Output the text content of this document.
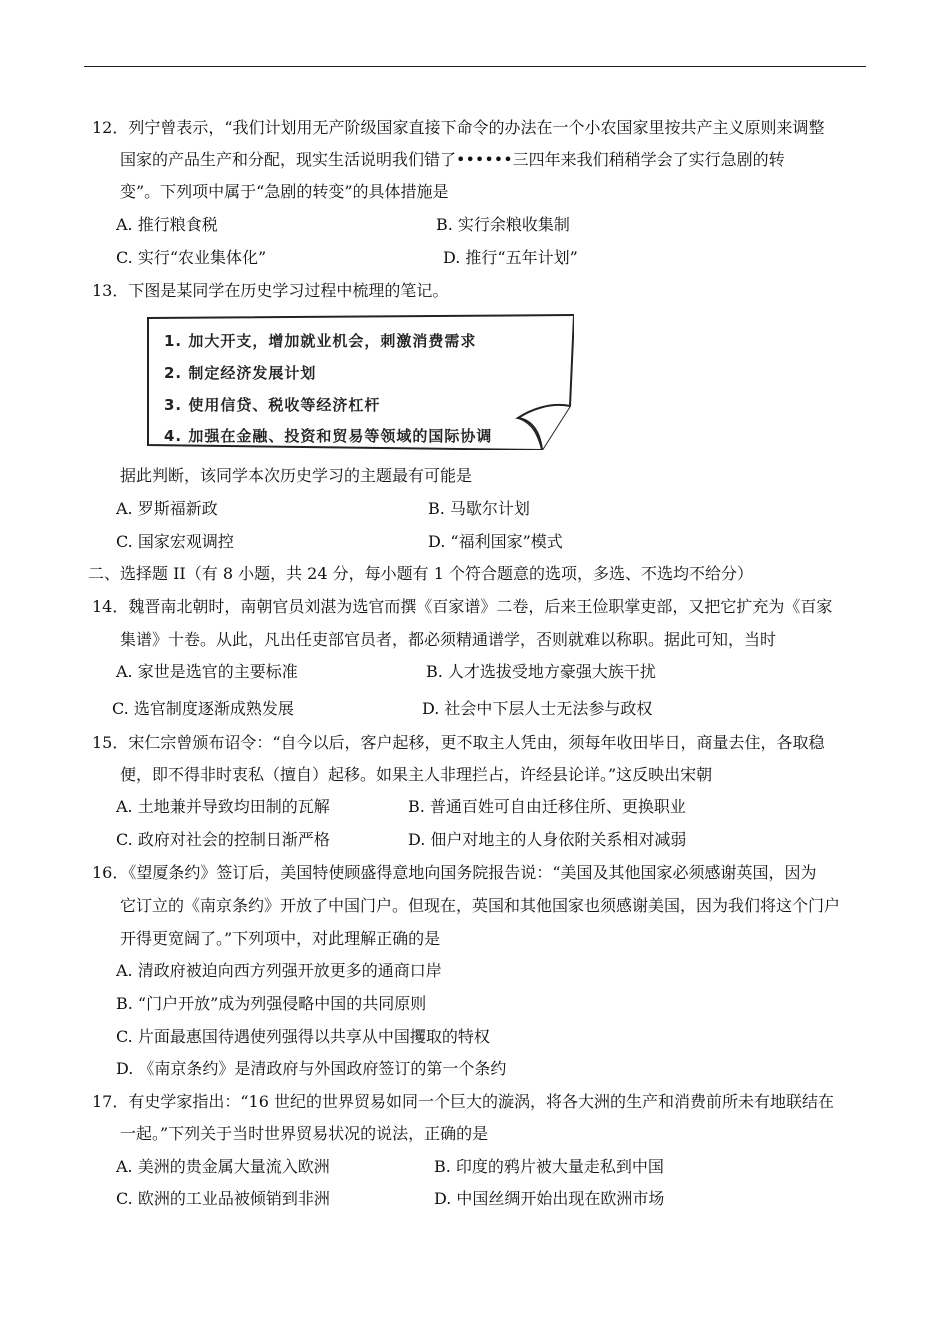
12．列宁曾表示，“我们计划用无产阶级国家直接下命令的办法在一个小农国家里按共产主义原则来调整
国家的产品生产和分配，现实生活说明我们错了••••••三四年来我们稍稍学会了实行急剧的转
变”。下列项中属于“急剧的转变”的具体措施是
A. 推行粮食税	B. 实行余粮收集制
C. 实行“农业集体化”	D. 推行“五年计划”
13．下图是某同学在历史学习过程中梳理的笔记。
1. 加大开支，增加就业机会，刺激消费需求
2. 制定经济发展计划
3. 使用信贷、税收等经济杠杆
4. 加强在金融、投资和贸易等领域的国际协调
据此判断，该同学本次历史学习的主题最有可能是
A. 罗斯福新政	B. 马歇尔计划
C. 国家宏观调控	D. “福利国家”模式
二、选择题 II（有 8 小题，共 24 分，每小题有 1 个符合题意的选项，多选、不选均不给分）
14．魏晋南北朝时，南朝官员刘湛为选官而撰《百家谱》二卷，后来王俭职掌吏部，又把它扩充为《百家
集谱》十卷。从此，凡出任吏部官员者，都必须精通谱学，否则就难以称职。据此可知，当时
A. 家世是选官的主要标准	B. 人才选拔受地方豪强大族干扰
C. 选官制度逐渐成熟发展	D. 社会中下层人士无法参与政权
15．宋仁宗曾颁布诏令：“自今以后，客户起移，更不取主人凭由，须每年收田毕日，商量去住，各取稳
便，即不得非时衷私（擅自）起移。如果主人非理拦占，许经县论详。”这反映出宋朝
A. 土地兼并导致均田制的瓦解	B. 普通百姓可自由迁移住所、更换职业
C. 政府对社会的控制日渐严格	D. 佃户对地主的人身依附关系相对减弱
16．《望厦条约》签订后，美国特使顾盛得意地向国务院报告说：“美国及其他国家必须感谢英国，因为
它订立的《南京条约》开放了中国门户。但现在，英国和其他国家也须感谢美国，因为我们将这个门户
开得更宽阔了。”下列项中，对此理解正确的是
A. 清政府被迫向西方列强开放更多的通商口岸
B. “门户开放”成为列强侵略中国的共同原则
C. 片面最惠国待遇使列强得以共享从中国攫取的特权
D. 《南京条约》是清政府与外国政府签订的第一个条约
17．有史学家指出：“16 世纪的世界贸易如同一个巨大的漩涡，将各大洲的生产和消费前所未有地联结在
一起。”下列关于当时世界贸易状况的说法，正确的是
A. 美洲的贵金属大量流入欧洲	B. 印度的鸦片被大量走私到中国
C. 欧洲的工业品被倾销到非洲	D. 中国丝绸开始出现在欧洲市场
